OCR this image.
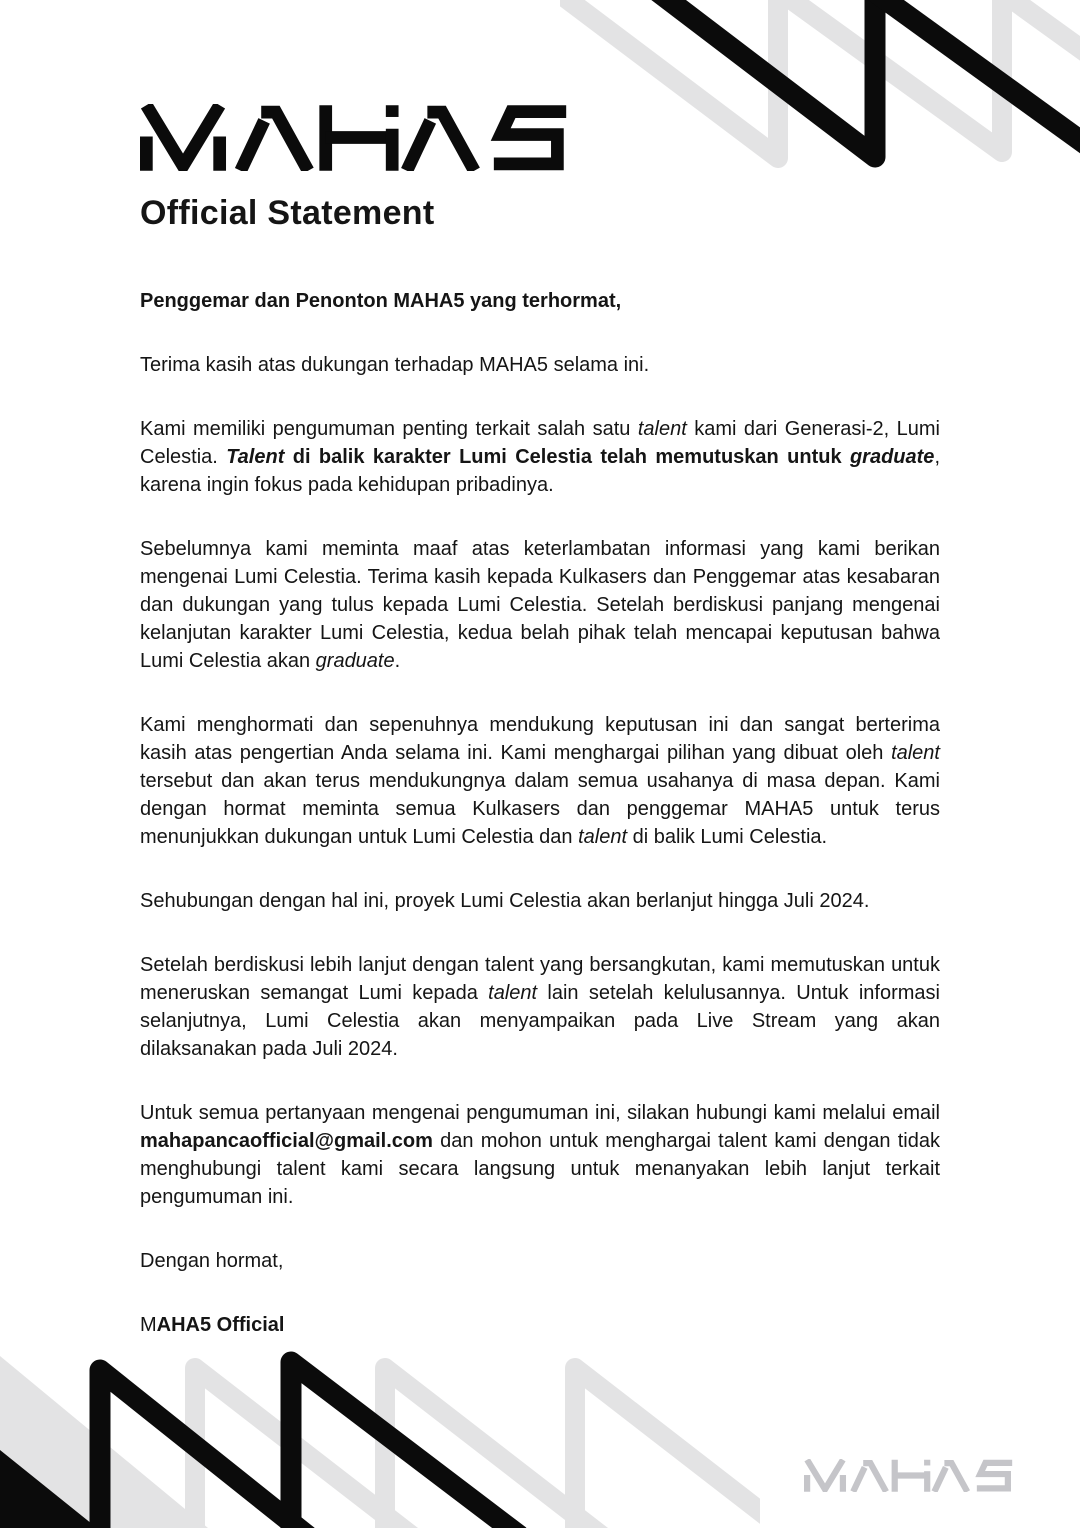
Official Statement

Penggemar dan Penonton MAHA5 yang terhormat,

Terima kasih atas dukungan terhadap MAHA5 selama ini.

Kami memiliki pengumuman penting terkait salah satu talent kami dari Generasi-2, Lumi Celestia. Talent di balik karakter Lumi Celestia telah memutuskan untuk graduate, karena ingin fokus pada kehidupan pribadinya.

Sebelumnya kami meminta maaf atas keterlambatan informasi yang kami berikan mengenai Lumi Celestia. Terima kasih kepada Kulkasers dan Penggemar atas kesabaran dan dukungan yang tulus kepada Lumi Celestia. Setelah berdiskusi panjang mengenai kelanjutan karakter Lumi Celestia, kedua belah pihak telah mencapai keputusan bahwa Lumi Celestia akan graduate.

Kami menghormati dan sepenuhnya mendukung keputusan ini dan sangat berterima kasih atas pengertian Anda selama ini. Kami menghargai pilihan yang dibuat oleh talent tersebut dan akan terus mendukungnya dalam semua usahanya di masa depan. Kami dengan hormat meminta semua Kulkasers dan penggemar MAHA5 untuk terus menunjukkan dukungan untuk Lumi Celestia dan talent di balik Lumi Celestia.

Sehubungan dengan hal ini, proyek Lumi Celestia akan berlanjut hingga Juli 2024.

Setelah berdiskusi lebih lanjut dengan talent yang bersangkutan, kami memutuskan untuk meneruskan semangat Lumi kepada talent lain setelah kelulusannya. Untuk informasi selanjutnya, Lumi Celestia akan menyampaikan pada Live Stream yang akan dilaksanakan pada Juli 2024.

Untuk semua pertanyaan mengenai pengumuman ini, silakan hubungi kami melalui email mahapancaofficial@gmail.com dan mohon untuk menghargai talent kami dengan tidak menghubungi talent kami secara langsung untuk menanyakan lebih lanjut terkait pengumuman ini.

Dengan hormat,

MAHA5 Official
